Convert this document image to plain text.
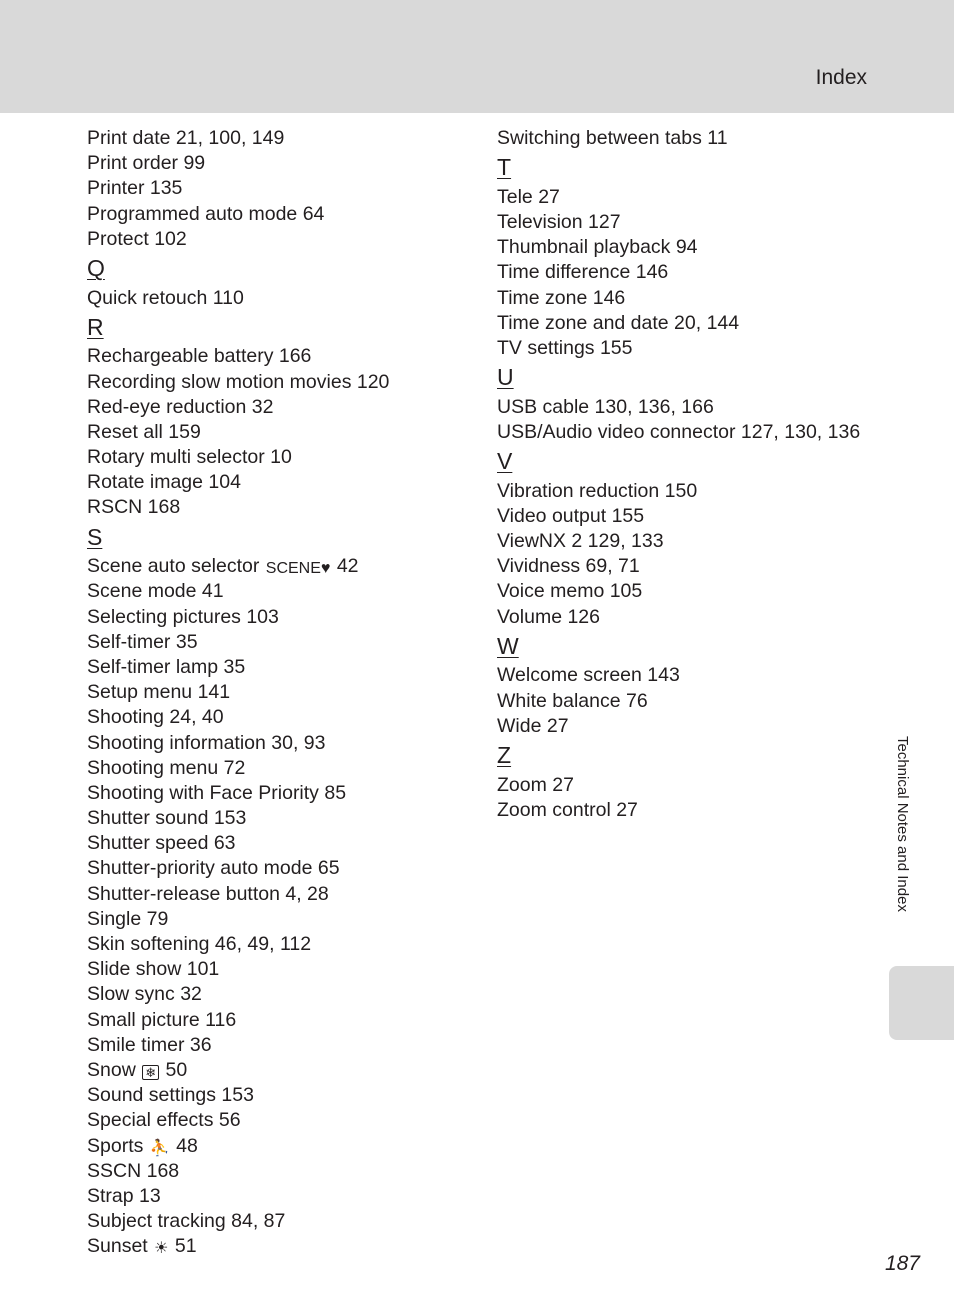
Index
Print date 21, 100, 149
Print order 99
Printer 135
Programmed auto mode 64
Protect 102
Q
Quick retouch 110
R
Rechargeable battery 166
Recording slow motion movies 120
Red-eye reduction 32
Reset all 159
Rotary multi selector 10
Rotate image 104
RSCN 168
S
Scene auto selector SCENE♥ 42
Scene mode 41
Selecting pictures 103
Self-timer 35
Self-timer lamp 35
Setup menu 141
Shooting 24, 40
Shooting information 30, 93
Shooting menu 72
Shooting with Face Priority 85
Shutter sound 153
Shutter speed 63
Shutter-priority auto mode 65
Shutter-release button 4, 28
Single 79
Skin softening 46, 49, 112
Slide show 101
Slow sync 32
Small picture 116
Smile timer 36
Snow ❄ 50
Sound settings 153
Special effects 56
Sports ⛹ 48
SSCN 168
Strap 13
Subject tracking 84, 87
Sunset ☀ 51
Switching between tabs 11
T
Tele 27
Television 127
Thumbnail playback 94
Time difference 146
Time zone 146
Time zone and date 20, 144
TV settings 155
U
USB cable 130, 136, 166
USB/Audio video connector 127, 130, 136
V
Vibration reduction 150
Video output 155
ViewNX 2 129, 133
Vividness 69, 71
Voice memo 105
Volume 126
W
Welcome screen 143
White balance 76
Wide 27
Z
Zoom 27
Zoom control 27	Technical Notes and Index
187
